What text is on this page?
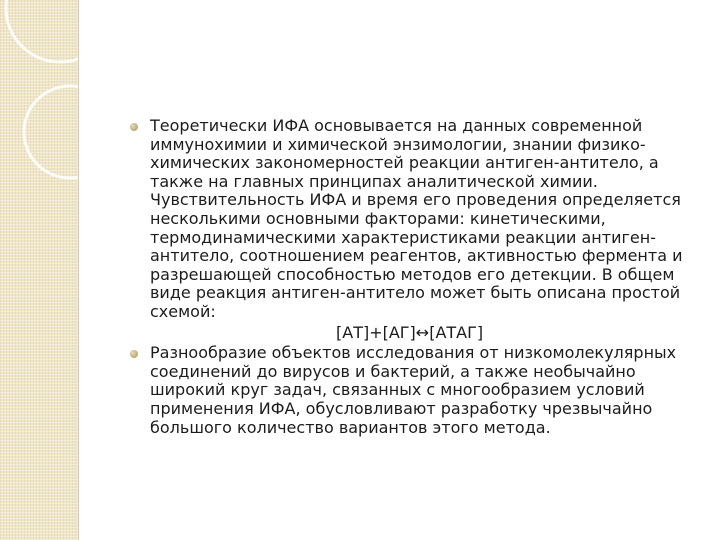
Теоретически ИФА основывается на данных современной иммунохимии и химической энзимологии, знании физико-химических закономерностей реакции антиген-антитело, а также на главных принципах аналитической химии. Чувствительность ИФА и время его проведения определяется несколькими основными факторами: кинетическими, термодинамическими характеристиками реакции антиген-антитело, соотношением реагентов, активностью фермента и разрешающей способностью методов его детекции. В общем виде реакция антиген-антитело может быть описана простой схемой:

[АТ]+[АГ]↔[АТАГ]

Разнообразие объектов исследования от низкомолекулярных соединений до вирусов и бактерий, а также необычайно широкий круг задач, связанных с многообразием условий применения ИФА, обусловливают разработку чрезвычайно большого количество вариантов этого метода.
